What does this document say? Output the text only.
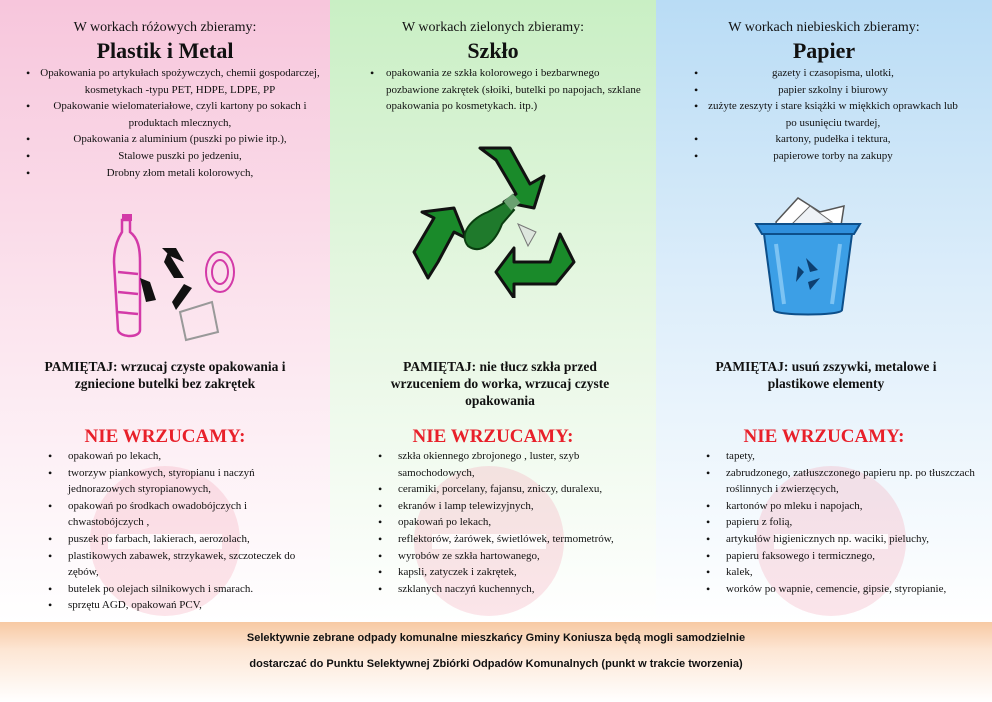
W workach różowych zbieramy:
Plastik i Metal
• Opakowania po artykułach spożywczych, chemii gospodarczej, kosmetykach -typu PET, HDPE, LDPE, PP
• Opakowanie wielomateriałowe, czyli kartony po sokach i produktach mlecznych,
• Opakowania z aluminium (puszki po piwie itp.),
• Stalowe puszki po jedzeniu,
• Drobny złom metali kolorowych,
PAMIĘTAJ: wrzucaj czyste opakowania i zgniecione butelki bez zakrętek
NIE WRZUCAMY:
• opakowań po lekach,
• tworzyw piankowych, styropianu i naczyń jednorazowych styropianowych,
• opakowań po środkach owadobójczych i chwastobójczych ,
• puszek po farbach, lakierach, aerozolach,
• plastikowych zabawek, strzykawek, szczoteczek do zębów,
• butelek po olejach silnikowych i smarach.
• sprzętu AGD, opakowań PCV,
W workach zielonych zbieramy:
Szkło
• opakowania ze szkła kolorowego i bezbarwnego pozbawione zakrętek (słoiki, butelki po napojach, szklane opakowania po kosmetykach. itp.)
PAMIĘTAJ: nie tłucz szkła przed wrzuceniem do worka, wrzucaj czyste opakowania
NIE WRZUCAMY:
• szkła okiennego zbrojonego , luster, szyb samochodowych,
• ceramiki, porcelany, fajansu, zniczy, duralexu,
• ekranów i lamp telewizyjnych,
• opakowań po lekach,
• reflektorów, żarówek, świetlówek, termometrów,
• wyrobów ze szkła hartowanego,
• kapsli, zatyczek i zakrętek,
• szklanych naczyń kuchennych,
W workach niebieskich zbieramy:
Papier
• gazety i czasopisma, ulotki,
• papier szkolny i biurowy
• zużyte zeszyty i stare książki w miękkich oprawkach lub po usunięciu twardej,
• kartony, pudełka i tektura,
• papierowe torby na zakupy
PAMIĘTAJ: usuń zszywki, metalowe i plastikowe elementy
NIE WRZUCAMY:
• tapety,
• zabrudzonego, zatłuszczonego papieru np. po tłuszczach roślinnych i zwierzęcych,
• kartonów po mleku i napojach,
• papieru z folią,
• artykułów higienicznych np. waciki, pieluchy,
• papieru faksowego i termicznego,
• kalek,
• worków po wapnie, cemencie, gipsie, styropianie,
Selektywnie zebrane odpady komunalne mieszkańcy Gminy Koniusza będą mogli samodzielnie
dostarczać do Punktu Selektywnej Zbiórki Odpadów Komunalnych (punkt w trakcie tworzenia)
